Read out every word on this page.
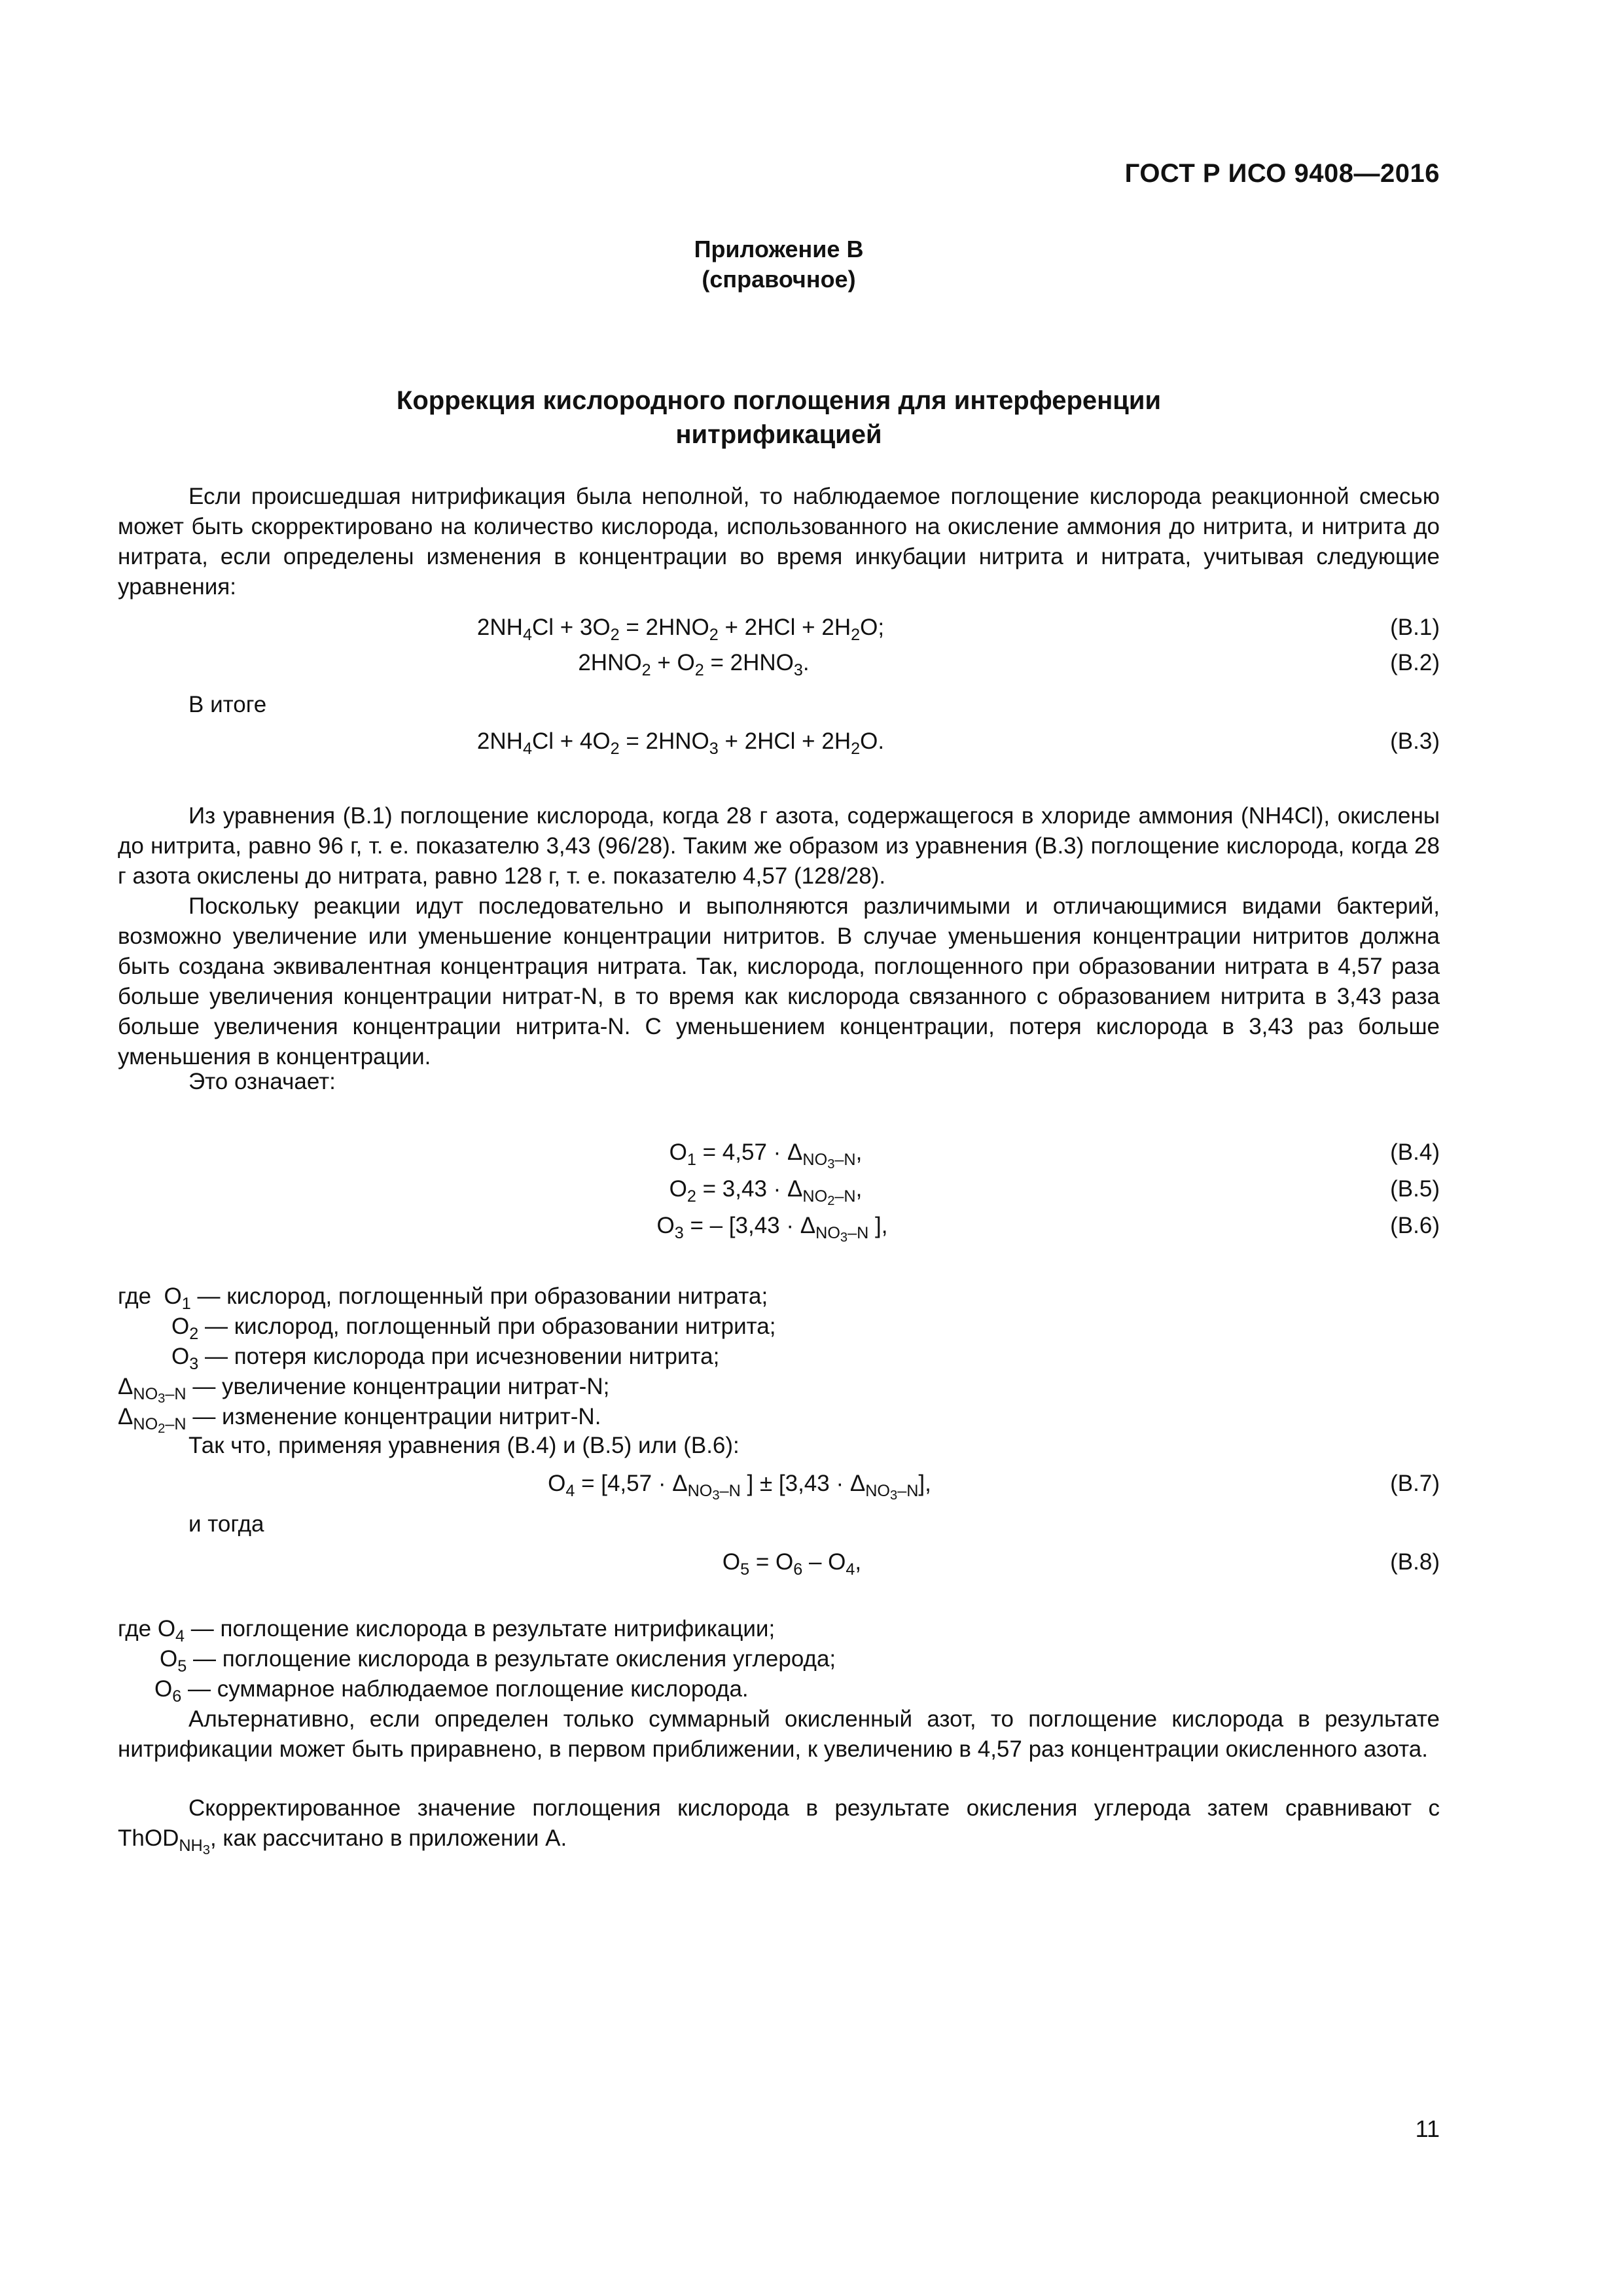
ГОСТ Р ИСО 9408—2016
Приложение В
(справочное)
Коррекция кислородного поглощения для интерференции
нитрификацией
Если происшедшая нитрификация была неполной, то наблюдаемое поглощение кислорода реакционной смесью может быть скорректировано на количество кислорода, использованного на окисление аммония до нитрита, и нитрита до нитрата, если определены изменения в концентрации во время инкубации нитрита и нитрата, учитывая следующие уравнения:
$2NH_4Cl + 3O_2 = 2HNO_2 + 2HCl + 2H_2O$;	(B.1)
$2HNO_2 + O_2 = 2HNO_3$.	(B.2)
В итоге
$2NH_4Cl + 4O_2 = 2HNO_3 + 2HCl + 2H_2O$.	(B.3)
Из уравнения (В.1) поглощение кислорода, когда 28 г азота, содержащегося в хлориде аммония (NH4Cl), окислены до нитрита, равно 96 г, т. е. показателю 3,43 (96/28). Таким же образом из уравнения (В.3) поглощение кислорода, когда 28 г азота окислены до нитрата, равно 128 г, т. е. показателю 4,57 (128/28).
Поскольку реакции идут последовательно и выполняются различимыми и отличающимися видами бактерий, возможно увеличение или уменьшение концентрации нитритов. В случае уменьшения концентрации нитритов должна быть создана эквивалентная концентрация нитрата. Так, кислорода, поглощенного при образовании нитрата в 4,57 раза больше увеличения концентрации нитрат-N, в то время как кислорода связанного с образованием нитрита в 3,43 раза больше увеличения концентрации нитрита-N. С уменьшением концентрации, потеря кислорода в 3,43 раз больше уменьшения в концентрации.
Это означает:
$O_1 = 4,57 \cdot \Delta_{NO_3-N}$,	(B.4)
$O_2 = 3,43 \cdot \Delta_{NO_2-N}$,	(B.5)
$O_3$ = – [$3,43 \cdot \Delta_{NO_3-N}$ ],	(B.6)
где  $O_1$ — кислород, поглощенный при образовании нитрата;
$O_2$ — кислород, поглощенный при образовании нитрита;
$O_3$ — потеря кислорода при исчезновении нитрита;
$\Delta_{NO_3-N}$ — увеличение концентрации нитрат-N;
$\Delta_{NO_2-N}$ — изменение концентрации нитрит-N.
Так что, применяя уравнения (В.4) и (В.5) или (В.6):
$O_4 = [4,57 \cdot \Delta_{NO_3-N}$ ] ± $[3,43 \cdot \Delta_{NO_3-N}]$,	(B.7)
и тогда
$O_5 = O_6 - O_4$,	(B.8)
где $O_4$ — поглощение кислорода в результате нитрификации;
$O_5$ — поглощение кислорода в результате окисления углерода;
$O_6$ — суммарное наблюдаемое поглощение кислорода.
Альтернативно, если определен только суммарный окисленный азот, то поглощение кислорода в результате нитрификации может быть приравнено, в первом приближении, к увеличению в 4,57 раз концентрации окисленного азота.
Скорректированное значение поглощения кислорода в результате окисления углерода затем сравнивают с ThOD$_{NH_3}$, как рассчитано в приложении А.
11
